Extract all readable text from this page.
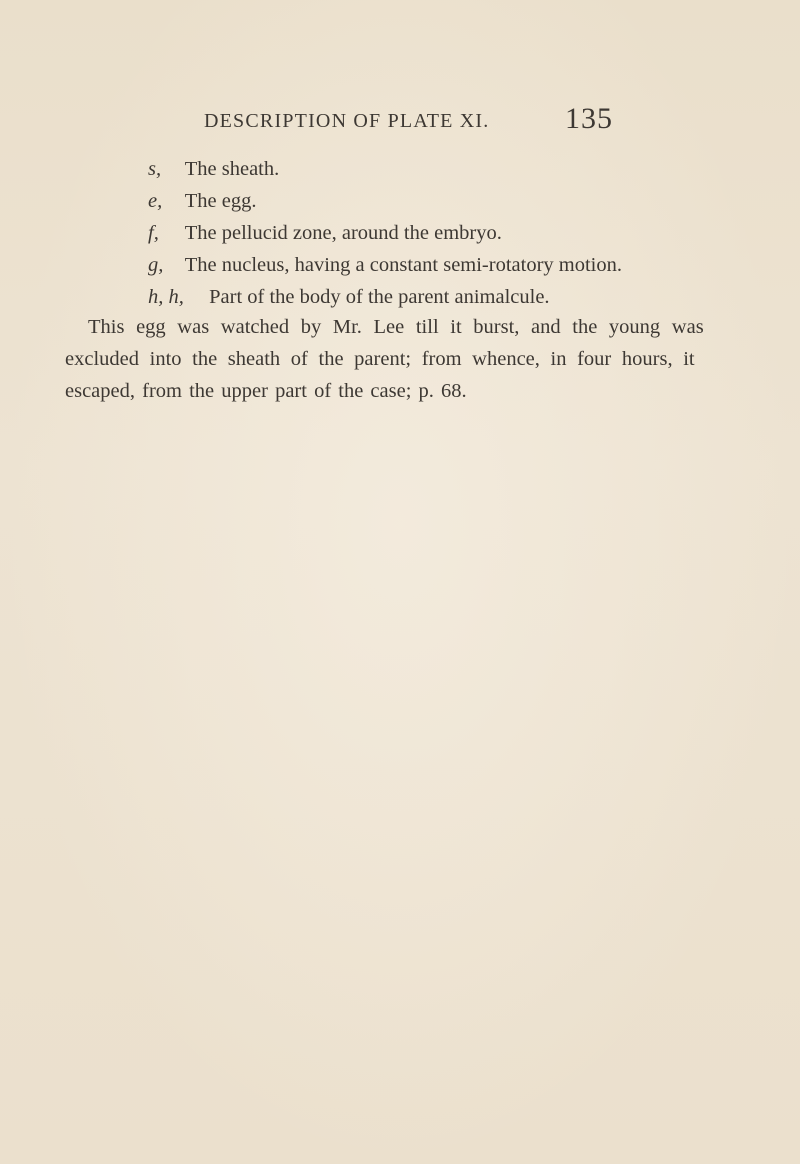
DESCRIPTION OF PLATE XI.	135
s, The sheath.
e, The egg.
f, The pellucid zone, around the embryo.
g, The nucleus, having a constant semi-rotatory motion.
h, h, Part of the body of the parent animalcule.
This egg was watched by Mr. Lee till it burst, and the young was
excluded into the sheath of the parent; from whence, in four hours, it
escaped, from the upper part of the case; p. 68.
